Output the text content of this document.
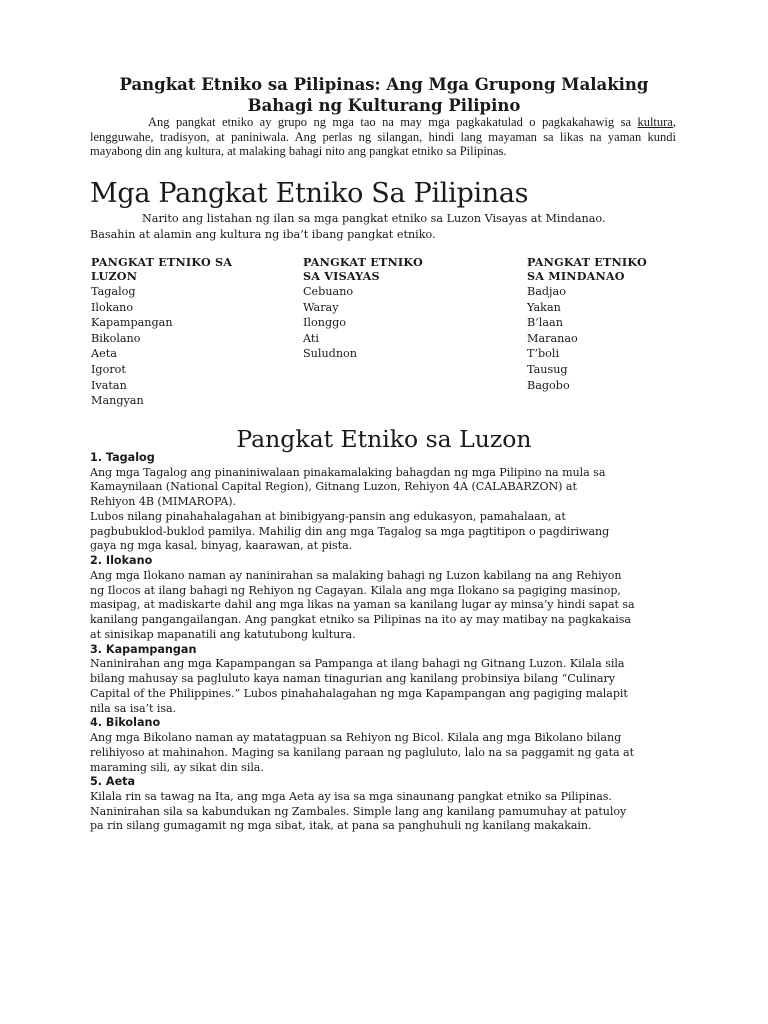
Pangkat Etniko sa Pilipinas: Ang Mga Grupong Malaking Bahagi ng Kulturang Pilipino

Ang pangkat etniko ay grupo ng mga tao na may mga pagkakatulad o pagkakahawig sa kultura, lengguwahe, tradisyon, at paniniwala. Ang perlas ng silangan, hindi lang mayaman sa likas na yaman kundi mayabong din ang kultura, at malaking bahagi nito ang pangkat etniko sa Pilipinas.

Mga Pangkat Etniko Sa Pilipinas

Narito ang listahan ng ilan sa mga pangkat etniko sa Luzon Visayas at Mindanao.
Basahin at alamin ang kultura ng iba’t ibang pangkat etniko.

PANGKAT ETNIKO SA
LUZON

Tagalog
Ilokano
Kapampangan
Bikolano
Aeta
Igorot
Ivatan
Mangyan

PANGKAT ETNIKO
SA VISAYAS

Cebuano
Waray
Ilonggo
Ati
Suludnon

PANGKAT ETNIKO
SA MINDANAO

Badjao
Yakan
B’laan
Maranao
T’boli
Tausug
Bagobo
Pangkat Etniko sa Luzon

1. Tagalog

Ang mga Tagalog ang pinaniniwalaan pinakamalaking bahagdan ng mga Pilipino na mula sa
Kamaynilaan (National Capital Region), Gitnang Luzon, Rehiyon 4A (CALABARZON) at
Rehiyon 4B (MIMAROPA).
Lubos nilang pinahahalagahan at binibigyang-pansin ang edukasyon, pamahalaan, at
pagbubuklod-buklod pamilya. Mahilig din ang mga Tagalog sa mga pagtitipon o pagdiriwang
gaya ng mga kasal, binyag, kaarawan, at pista.

2. Ilokano

Ang mga Ilokano naman ay naninirahan sa malaking bahagi ng Luzon kabilang na ang Rehiyon
ng Ilocos at ilang bahagi ng Rehiyon ng Cagayan. Kilala ang mga Ilokano sa pagiging masinop,
masipag, at madiskarte dahil ang mga likas na yaman sa kanilang lugar ay minsa’y hindi sapat sa
kanilang pangangailangan. Ang pangkat etniko sa Pilipinas na ito ay may matibay na pagkakaisa
at sinisikap mapanatili ang katutubong kultura.

3. Kapampangan

Naninirahan ang mga Kapampangan sa Pampanga at ilang bahagi ng Gitnang Luzon. Kilala sila
bilang mahusay sa pagluluto kaya naman tinagurian ang kanilang probinsiya bilang “Culinary
Capital of the Philippines.” Lubos pinahahalagahan ng mga Kapampangan ang pagiging malapit
nila sa isa’t isa.

4. Bikolano

Ang mga Bikolano naman ay matatagpuan sa Rehiyon ng Bicol. Kilala ang mga Bikolano bilang
relihiyoso at mahinahon. Maging sa kanilang paraan ng pagluluto, lalo na sa paggamit ng gata at
maraming sili, ay sikat din sila.

5. Aeta

Kilala rin sa tawag na Ita, ang mga Aeta ay isa sa mga sinaunang pangkat etniko sa Pilipinas.
Naninirahan sila sa kabundukan ng Zambales. Simple lang ang kanilang pamumuhay at patuloy
pa rin silang gumagamit ng mga sibat, itak, at pana sa panghuhuli ng kanilang makakain.
